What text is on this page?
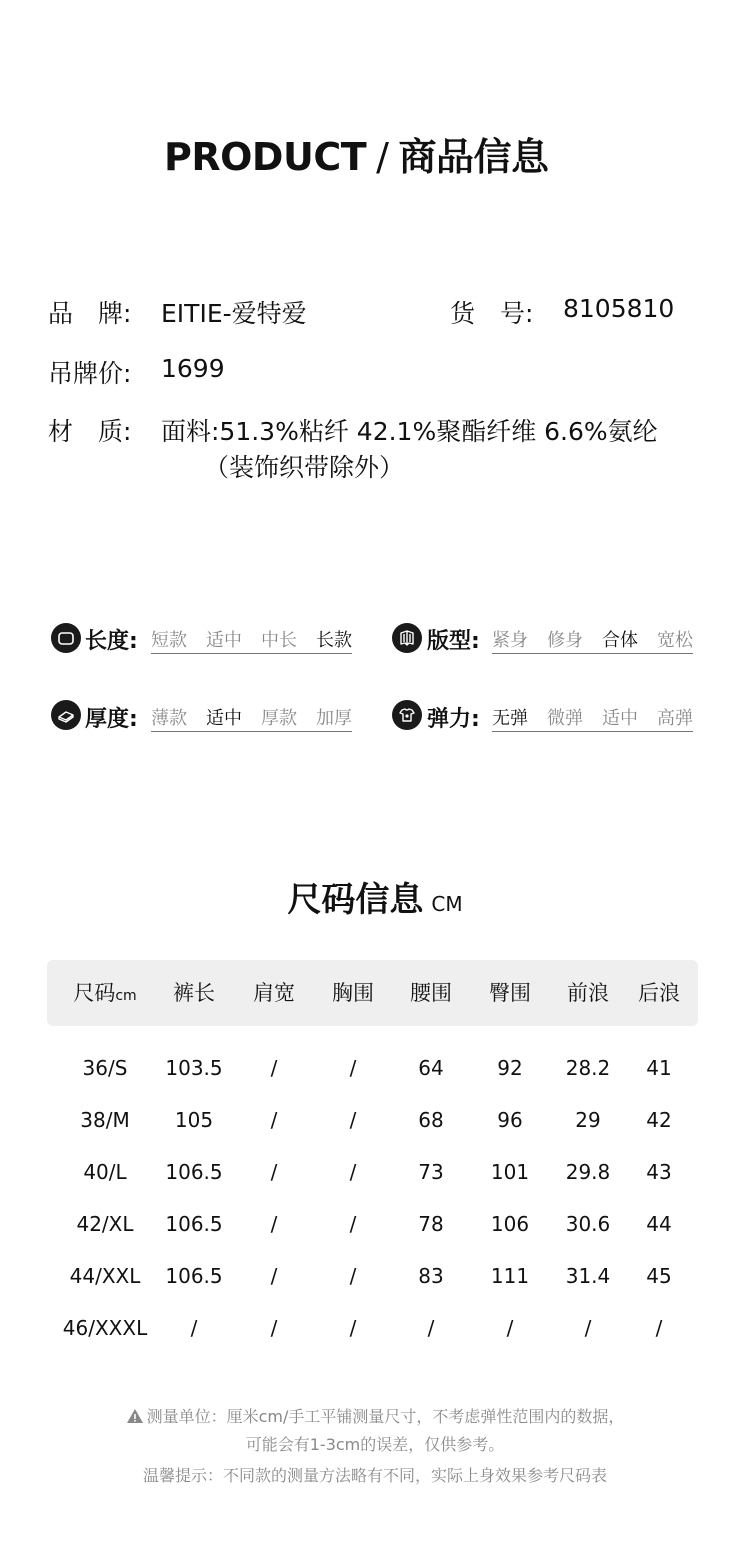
PRODUCT / 商品信息
品　牌: EITIE-爱特爱	货　号: 8105810
吊牌价: 1699
材　质: 面料:51.3%粘纤 42.1%聚酯纤维 6.6%氨纶
（装饰织带除外）
长度: 短款 适中 中长 长款	版型: 紧身 修身 合体 宽松
厚度: 薄款 适中 厚款 加厚	弹力: 无弹 微弹 适中 高弹
尺码信息 CM
尺码cm 裤长 肩宽 胸围 腰围 臀围 前浪 后浪
36/S 103.5 /	/	64	92 28.2 41
38/M 105	/	/	68	96	29 42
40/L 106.5 /	/	73 101 29.8 43
42/XL 106.5 /	/	78 106 30.6 44
44/XXL 106.5 /	/	83 111 31.4 45
46/XXXL /	/	/	/	/	/	/
测量单位：厘米cm/手工平铺测量尺寸，不考虑弹性范围内的数据，
可能会有1-3cm的误差，仅供参考。
温馨提示：不同款的测量方法略有不同，实际上身效果参考尺码表
